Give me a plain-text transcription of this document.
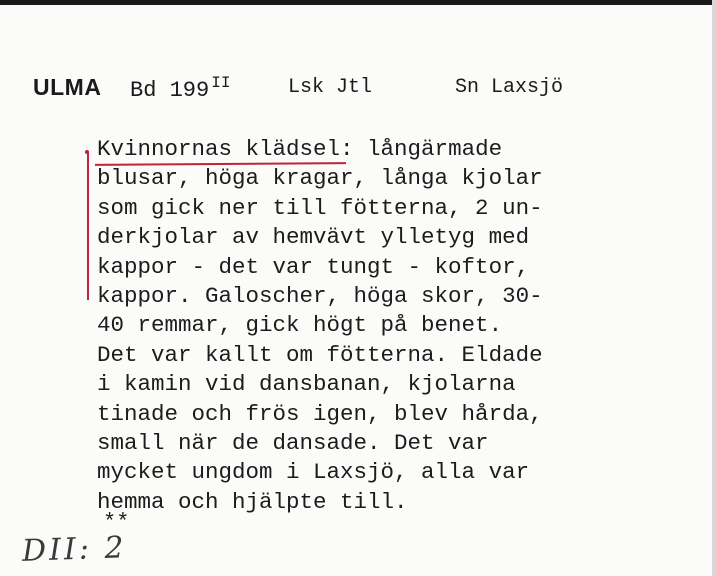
ULMA Bd 199 $^{II}$	Lsk Jtl	Sn Laxsjö
Kvinnornas klädsel
: långärmade
blusar, höga kragar, långa kjolar
som gick ner till fötterna, 2 un-
derkjolar av hemvävt ylletyg med
kappor - det var tungt - koftor,
kappor. Galoscher, höga skor, 30-
40 remmar, gick högt på benet.
Det var kallt om fötterna. Eldade
i kamin vid dansbanan, kjolarna
tinade och frös igen, blev hårda,
small när de dansade. Det var
mycket ungdom i Laxsjö, alla var
hemma och hjälpte till.
**
DII: 2
